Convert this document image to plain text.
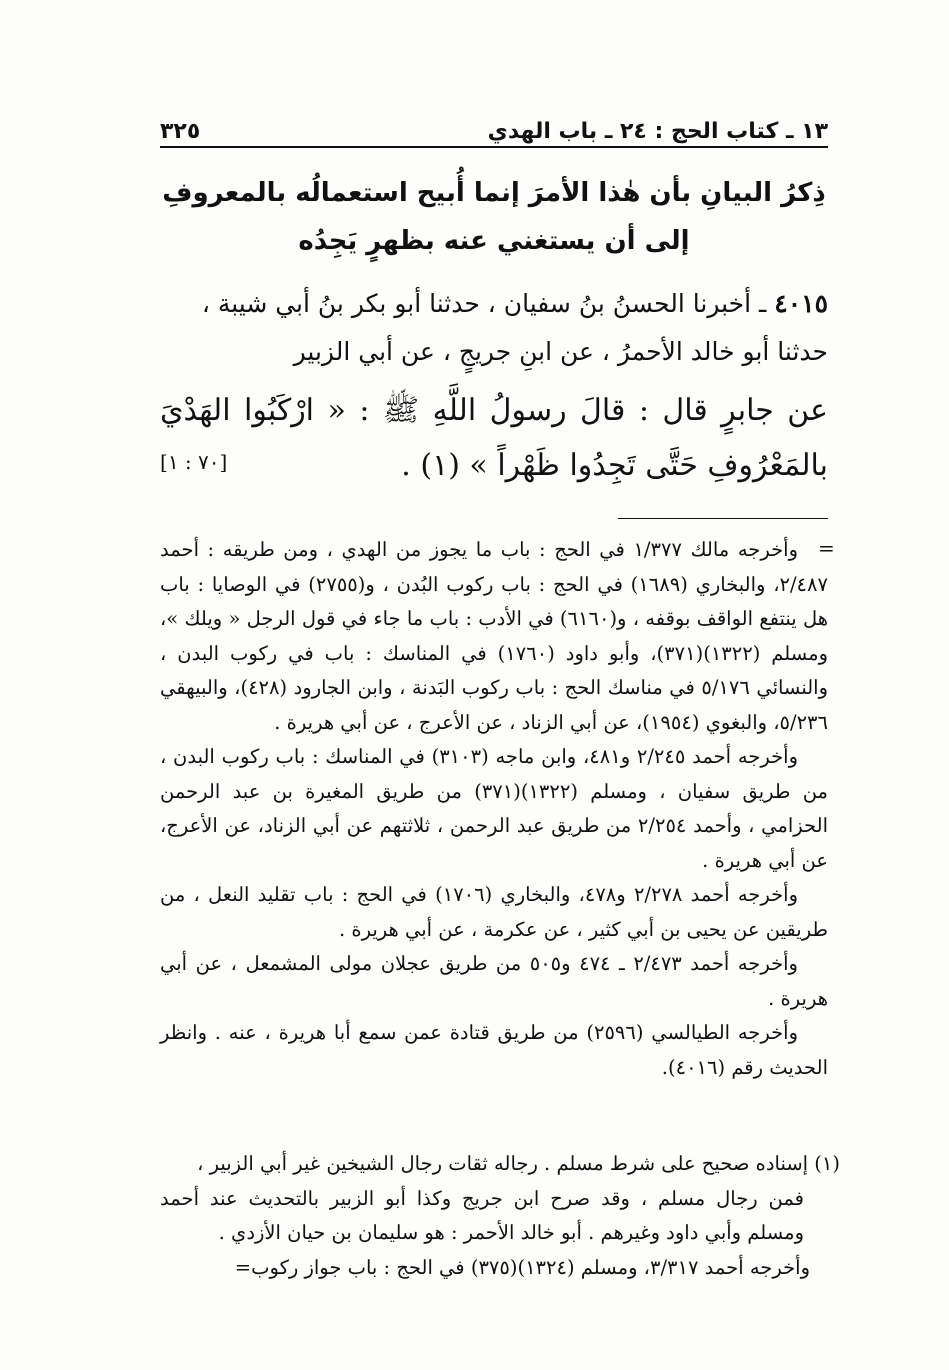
١٣ ـ كتاب الحج : ٢٤ ـ باب الهدي
٣٢٥
ذِكرُ البيانِ بأن هٰذا الأمرَ إنما أُبيح استعمالُه بالمعروفِ
إلى أن يستغني عنه بظهرٍ يَجِدُه
٤٠١٥ ـ أخبرنا الحسنُ بنُ سفيان ، حدثنا أبو بكر بنُ أبي شيبة ،
حدثنا أبو خالد الأحمرُ ، عن ابنِ جريجٍ ، عن أبي الزبير
عن جابرٍ قال : قالَ رسولُ اللَّهِ ﷺ : « ارْكَبُوا الهَدْيَ
بالمَعْرُوفِ حَتَّى تَجِدُوا ظَهْراً » (١) .
[٧٠ : ١]
=

وأخرجه مالك ١/٣٧٧ في الحج : باب ما يجوز من الهدي ، ومن طريقه : أحمد ٢/٤٨٧، والبخاري (١٦٨٩) في الحج : باب ركوب البُدن ، و(٢٧٥٥) في الوصايا : باب هل ينتفع الواقف بوقفه ، و(٦١٦٠) في الأدب : باب ما جاء في قول الرجل « ويلك »، ومسلم (١٣٢٢)(٣٧١)، وأبو داود (١٧٦٠) في المناسك : باب في ركوب البدن ، والنسائي ٥/١٧٦ في مناسك الحج : باب ركوب البَدنة ، وابن الجارود (٤٢٨)، والبيهقي ٥/٢٣٦، والبغوي (١٩٥٤)، عن أبي الزناد ، عن الأعرج ، عن أبي هريرة .

وأخرجه أحمد ٢/٢٤٥ و٤٨١، وابن ماجه (٣١٠٣) في المناسك : باب ركوب البدن ، من طريق سفيان ، ومسلم (١٣٢٢)(٣٧١) من طريق المغيرة بن عبد الرحمن الحزامي ، وأحمد ٢/٢٥٤ من طريق عبد الرحمن ، ثلاثتهم عن أبي الزناد، عن الأعرج، عن أبي هريرة .

وأخرجه أحمد ٢/٢٧٨ و٤٧٨، والبخاري (١٧٠٦) في الحج : باب تقليد النعل ، من طريقين عن يحيى بن أبي كثير ، عن عكرمة ، عن أبي هريرة .

وأخرجه أحمد ٢/٤٧٣ ـ ٤٧٤ و٥٠٥ من طريق عجلان مولى المشمعل ، عن أبي هريرة .

وأخرجه الطيالسي (٢٥٩٦) من طريق قتادة عمن سمع أبا هريرة ، عنه . وانظر الحديث رقم (٤٠١٦).

(١) إسناده صحيح على شرط مسلم . رجاله ثقات رجال الشيخين غير أبي الزبير ،

فمن رجال مسلم ، وقد صرح ابن جريج وكذا أبو الزبير بالتحديث عند أحمد ومسلم وأبي داود وغيرهم . أبو خالد الأحمر : هو سليمان بن حيان الأزدي .

وأخرجه أحمد ٣/٣١٧، ومسلم (١٣٢٤)(٣٧٥) في الحج : باب جواز ركوب=
